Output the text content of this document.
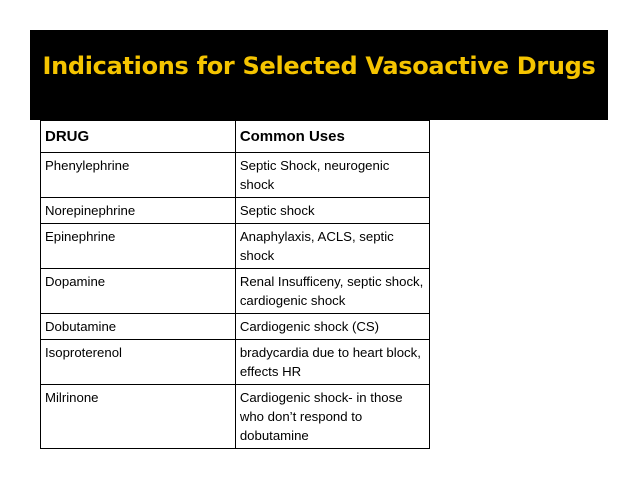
Indications for Selected Vasoactive Drugs
DRUG	Common Uses
Phenylephrine	Septic Shock, neurogenic shock
Norepinephrine	Septic shock
Epinephrine	Anaphylaxis, ACLS, septic shock
Dopamine	Renal Insufficeny, septic shock, cardiogenic shock
Dobutamine	Cardiogenic shock (CS)
Isoproterenol	bradycardia due to heart block, effects HR
Milrinone	Cardiogenic shock- in those who don’t respond to dobutamine
